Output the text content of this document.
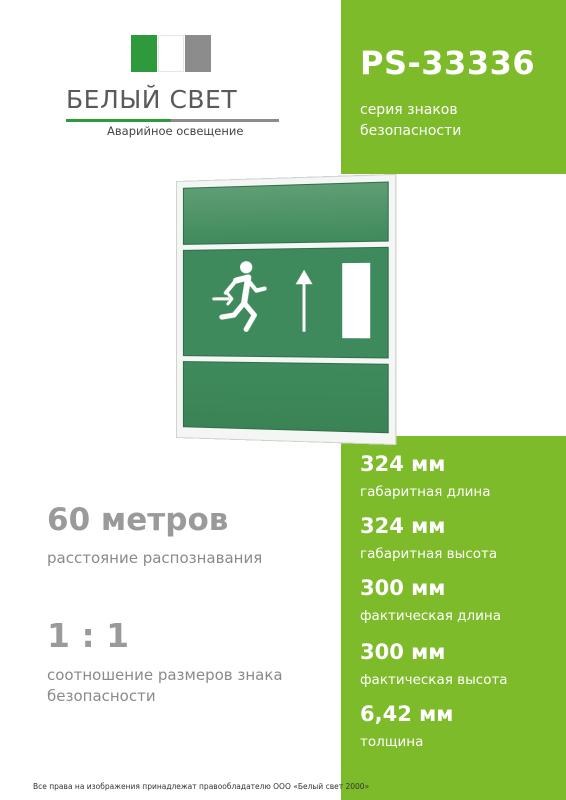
БЕЛЫЙ СВЕТ
Аварийное освещение
PS-33336
серия знаков безопасности
60 метров
расстояние распознавания
1 : 1
соотношение размеров знака безопасности
324 мм
габаритная длина
324 мм
габаритная высота
300 мм
фактическая длина
300 мм
фактическая высота
6,42 мм
толщина
Все права на изображения принадлежат правообладателю ООО «Белый свет 2000»
